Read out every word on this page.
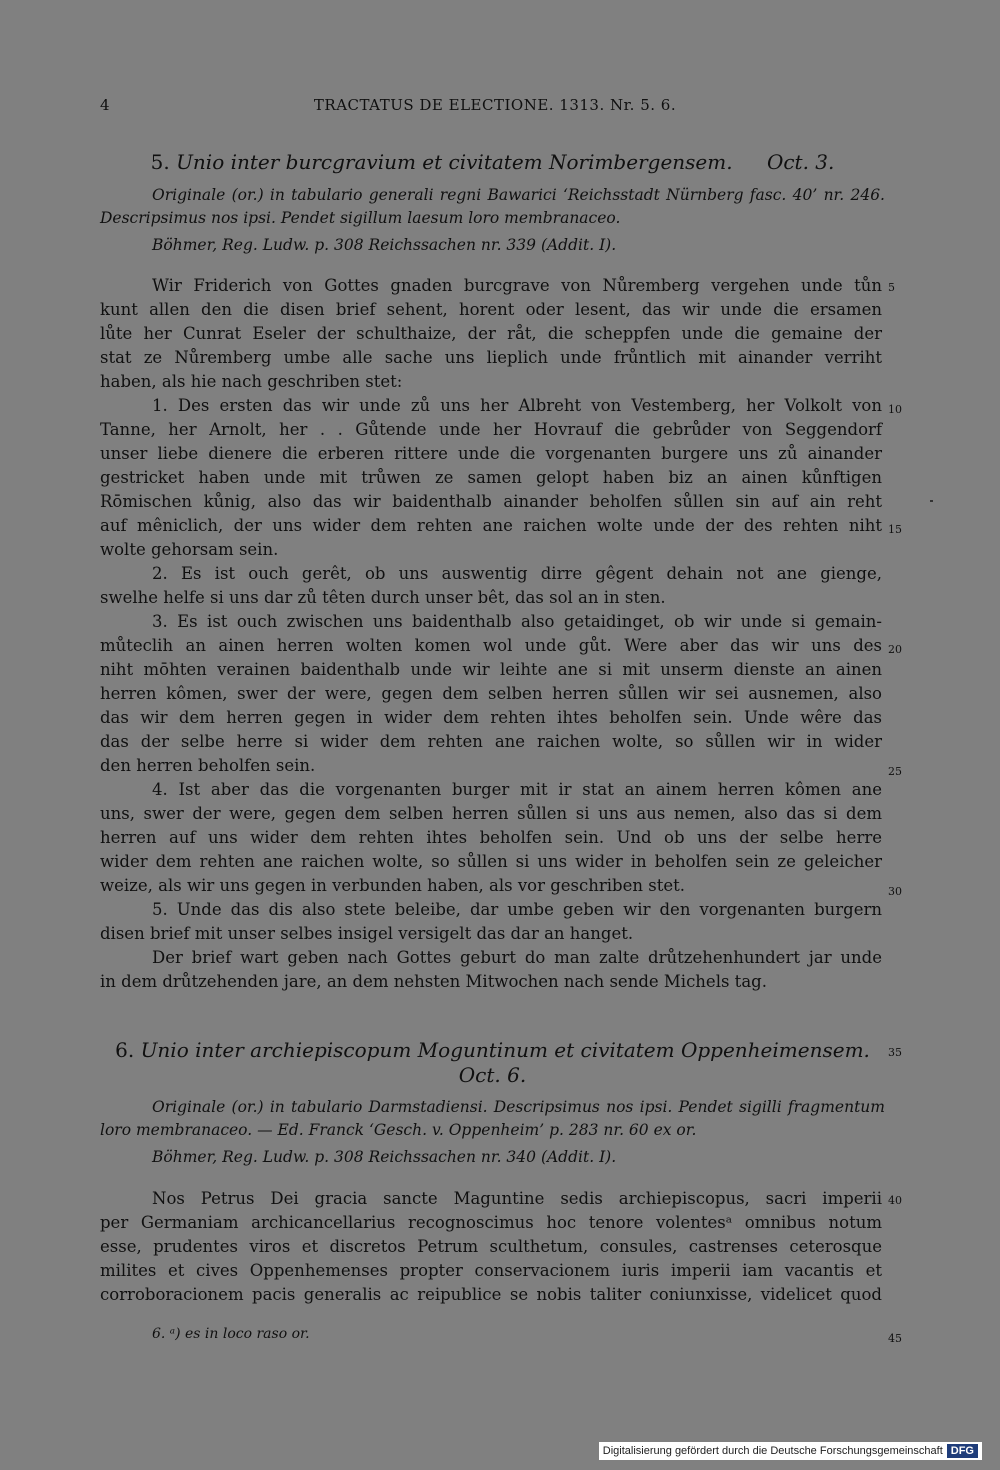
4	TRACTATUS DE ELECTIONE. 1313. Nr. 5. 6.
5. Unio inter burcgravium et civitatem Norimbergensem. Oct. 3.
Originale (or.) in tabulario generali regni Bawarici ‘Reichsstadt Nürnberg fasc. 40’ nr. 246. Descripsimus nos ipsi. Pendet sigillum laesum loro membranaceo.
Böhmer, Reg. Ludw. p. 308 Reichssachen nr. 339 (Addit. I).
Wir Friderich von Gottes gnaden burcgrave von Nůremberg vergehen unde tůn
kunt allen den die disen brief sehent, horent oder lesent, das wir unde die ersamen
lůte her Cunrat Eseler der schulthaize, der råt, die scheppfen unde die gemaine der
stat ze Nůremberg umbe alle sache uns lieplich unde frůntlich mit ainander verriht
haben, als hie nach geschriben stet:
1. Des ersten das wir unde zů uns her Albreht von Vestemberg, her Volkolt von
Tanne, her Arnolt, her . . Gůtende unde her Hovrauf die gebrůder von Seggendorf
unser liebe dienere die erberen rittere unde die vorgenanten burgere uns zů ainander
gestricket haben unde mit trůwen ze samen gelopt haben biz an ainen kůnftigen
Rōmischen kůnig, also das wir baidenthalb ainander beholfen sůllen sin auf ain reht
auf mêniclich, der uns wider dem rehten ane raichen wolte unde der des rehten niht
wolte gehorsam sein.
2. Es ist ouch gerêt, ob uns auswentig dirre gêgent dehain not ane gienge,
swelhe helfe si uns dar zů têten durch unser bêt, das sol an in sten.
3. Es ist ouch zwischen uns baidenthalb also getaidinget, ob wir unde si gemain-
můteclih an ainen herren wolten komen wol unde gůt. Were aber das wir uns des
niht mōhten verainen baidenthalb unde wir leihte ane si mit unserm dienste an ainen
herren kômen, swer der were, gegen dem selben herren sůllen wir sei ausnemen, also
das wir dem herren gegen in wider dem rehten ihtes beholfen sein. Unde wêre das
das der selbe herre si wider dem rehten ane raichen wolte, so sůllen wir in wider
den herren beholfen sein.
4. Ist aber das die vorgenanten burger mit ir stat an ainem herren kômen ane
uns, swer der were, gegen dem selben herren sůllen si uns aus nemen, also das si dem
herren auf uns wider dem rehten ihtes beholfen sein. Und ob uns der selbe herre
wider dem rehten ane raichen wolte, so sůllen si uns wider in beholfen sein ze geleicher
weize, als wir uns gegen in verbunden haben, als vor geschriben stet.
5. Unde das dis also stete beleibe, dar umbe geben wir den vorgenanten burgern
disen brief mit unser selbes insigel versigelt das dar an hanget.
Der brief wart geben nach Gottes geburt do man zalte drůtzehenhundert jar unde
in dem drůtzehenden jare, an dem nehsten Mitwochen nach sende Michels tag.
6. Unio inter archiepiscopum Moguntinum et civitatem Oppenheimensem.
Oct. 6.
Originale (or.) in tabulario Darmstadiensi. Descripsimus nos ipsi. Pendet sigilli fragmentum loro membranaceo. — Ed. Franck ‘Gesch. v. Oppenheim’ p. 283 nr. 60 ex or.
Böhmer, Reg. Ludw. p. 308 Reichssachen nr. 340 (Addit. I).
Nos Petrus Dei gracia sancte Maguntine sedis archiepiscopus, sacri imperii
per Germaniam archicancellarius recognoscimus hoc tenore volentesᵃ omnibus notum
esse, prudentes viros et discretos Petrum sculthetum, consules, castrenses ceterosque
milites et cives Oppenhemenses propter conservacionem iuris imperii iam vacantis et
corroboracionem pacis generalis ac reipublice se nobis taliter coniunxisse, videlicet quod
6. ᵃ) es in loco raso or.
5
10
15
20
25
30
35
40
45
Digitalisierung gefördert durch die Deutsche Forschungsgemeinschaft DFG
